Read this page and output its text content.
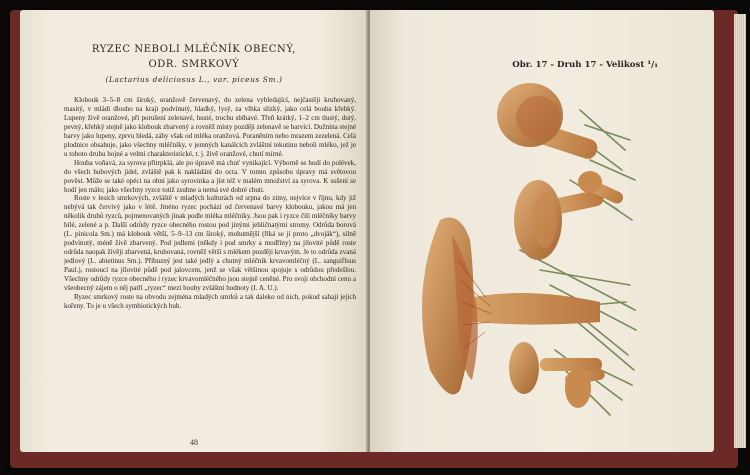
RYZEC NEBOLI MLÉČNÍK OBECNÝ,
ODR. SMRKOVÝ
(Lactarius deliciosus L., var. piceus Sm.)

Klobouk 3–5–8 cm široký, oranžově červenavý, do zelena vybledající, nejčastěji kruhovaný, masitý, v mládí dlouho na kraji podvinutý, hladký, lysý, za vlhka slizký, jako celá bouba křehký. Lupeny živě oranžové, při porušení zelenavé, husté, trochu sbíhavé. Třeň krátký, 1–2 cm tlustý, dutý, pevný, křehký stejně jako klobouk zbarvený a rovněž místy později zelenavě se barvící. Dužnina stejné barvy jako lupeny, zprvu bledá, záhy však od mléka oranžová. Poraněním nebo mrazem zezelená. Celá plodnice obsahuje, jako všechny mléčníky, v jemných kanálcích zvláštní tekutinu neboli mléko, jež je u tohoto druhu hojné a velmi charakteristické, t. j. živě oranžové, chutí mírné.

Houba voňavá, za syrova přitrpklá, ale po úpravě má chuť vynikající. Výborně se hodí do polévek, do všech hubových jídel, zvláště pak k nakládání do octa. V tomto způsobu úpravy má světovou pověst. Může se také opéci na ohni jako syrovinka a jíst též v malém množství za syrova. K sušení se hodí jen málo; jako všechny ryzce totiž zsuhne a nemá své dobré chuti.

Roste v lesích smrkových, zvláště v mladých kulturách od srpna do zimy, nejvíce v říjnu, kdy již nebývá tak červivý jako v létě. Jméno ryzec pochází od červenavé barvy klobouku, jakou má jen několik druhů ryzců, pojmenovaných jinak podle mléka mléčníky. Jsou pak i ryzce čili mléčníky barvy bílé, zelené a p. Další odrůdy ryzce obecného rostou pod jinými jehličnatými stromy. Odrůda borová (L. pinicola Sm.) má klobouk větší, 5–9–13 cm široký, mohutnější (říká se jí proto „dvoják“), silně podvinutý, méně živě zbarvený. Pod jedlemi (někdy i pod smrky a modříny) na jílovité půdě roste odrůda naopak živěji zbarvená, kruhovaná, rovněž větší s mlékem později krvavým. Je to odrůda zvaná jedlový (L. abietinus Sm.). Příbuzný jest také jedlý a chutný mléčník krvavomléčný (L. sanguifluus Paul.), rostoucí na jílovité půdě pod jalovcem, jenž se však většinou spojuje s odrůdou předešlou. Všechny odrůdy ryzce obecného i ryzec krvavomléčného jsou stejně ceněné. Pro svoji obchodní cenu a všeobecný zájem o něj patří „ryzec“ mezi houby zvláštní hodnoty (I. A. U.).

Ryzec smrkový roste na obvodu zejména mladých smrků a tak daleko od nich, pokud sahají jejich kořeny. To je u všech symbiotických hub.

48
Obr. 17 - Druh 17 - Velikost ¹/₁
